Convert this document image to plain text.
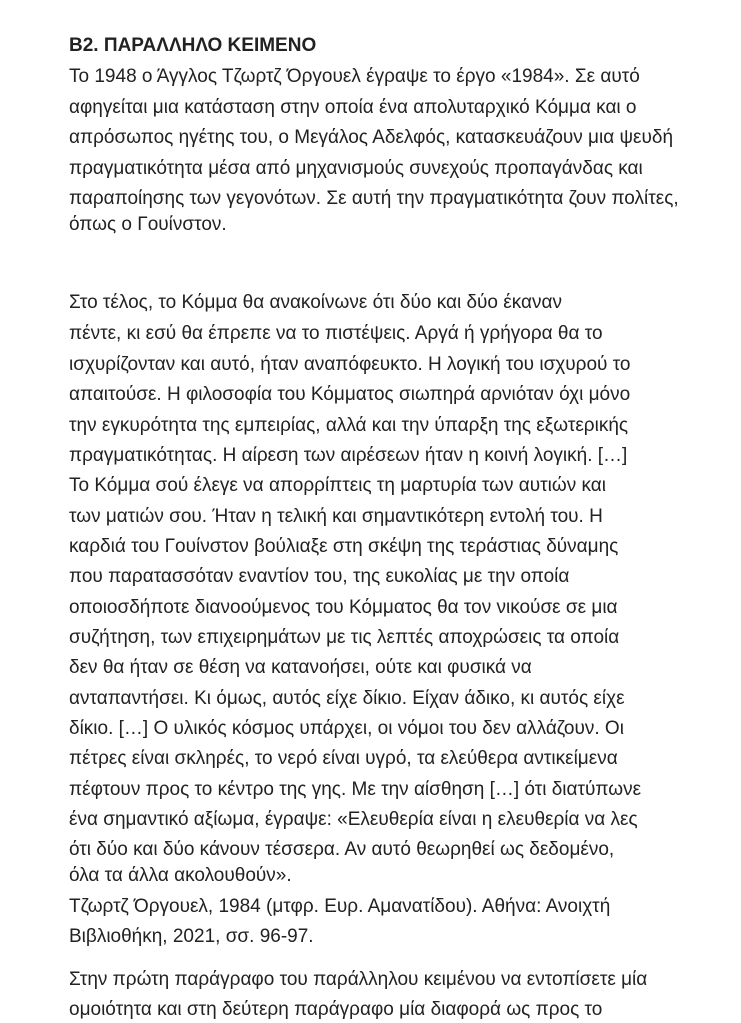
Β2. ΠΑΡΑΛΛΗΛΟ ΚΕΙΜΕΝΟ
Το 1948 ο Άγγλος Τζωρτζ Όργουελ έγραψε το έργο «1984». Σε αυτό
αφηγείται μια κατάσταση στην οποία ένα απολυταρχικό Κόμμα και ο
απρόσωπος ηγέτης του, ο Μεγάλος Αδελφός, κατασκευάζουν μια ψευδή
πραγματικότητα μέσα από μηχανισμούς συνεχούς προπαγάνδας και
παραποίησης των γεγονότων. Σε αυτή την πραγματικότητα ζουν πολίτες,
όπως ο Γουίνστον.
Στο τέλος, το Κόμμα θα ανακοίνωνε ότι δύο και δύο έκαναν
πέντε, κι εσύ θα έπρεπε να το πιστέψεις. Αργά ή γρήγορα θα το
ισχυρίζονταν και αυτό, ήταν αναπόφευκτο. Η λογική του ισχυρού το
απαιτούσε. Η φιλοσοφία του Κόμματος σιωπηρά αρνιόταν όχι μόνο
την εγκυρότητα της εμπειρίας, αλλά και την ύπαρξη της εξωτερικής
πραγματικότητας. Η αίρεση των αιρέσεων ήταν η κοινή λογική. […]
Το Κόμμα σού έλεγε να απορρίπτεις τη μαρτυρία των αυτιών και
των ματιών σου. Ήταν η τελική και σημαντικότερη εντολή του. Η
καρδιά του Γουίνστον βούλιαξε στη σκέψη της τεράστιας δύναμης
που παρατασσόταν εναντίον του, της ευκολίας με την οποία
οποιοσδήποτε διανοούμενος του Κόμματος θα τον νικούσε σε μια
συζήτηση, των επιχειρημάτων με τις λεπτές αποχρώσεις τα οποία
δεν θα ήταν σε θέση να κατανοήσει, ούτε και φυσικά να
ανταπαντήσει. Κι όμως, αυτός είχε δίκιο. Είχαν άδικο, κι αυτός είχε
δίκιο. […] Ο υλικός κόσμος υπάρχει, οι νόμοι του δεν αλλάζουν. Οι
πέτρες είναι σκληρές, το νερό είναι υγρό, τα ελεύθερα αντικείμενα
πέφτουν προς το κέντρο της γης. Με την αίσθηση […] ότι διατύπωνε
ένα σημαντικό αξίωμα, έγραψε: «Ελευθερία είναι η ελευθερία να λες
ότι δύο και δύο κάνουν τέσσερα. Αν αυτό θεωρηθεί ως δεδομένο,
όλα τα άλλα ακολουθούν».
Τζωρτζ Όργουελ, 1984 (μτφρ. Ευρ. Αμανατίδου). Αθήνα: Ανοιχτή
Βιβλιοθήκη, 2021, σσ. 96-97.
Στην πρώτη παράγραφο του παράλληλου κειμένου να εντοπίσετε μία
ομοιότητα και στη δεύτερη παράγραφο μία διαφορά ως προς το
